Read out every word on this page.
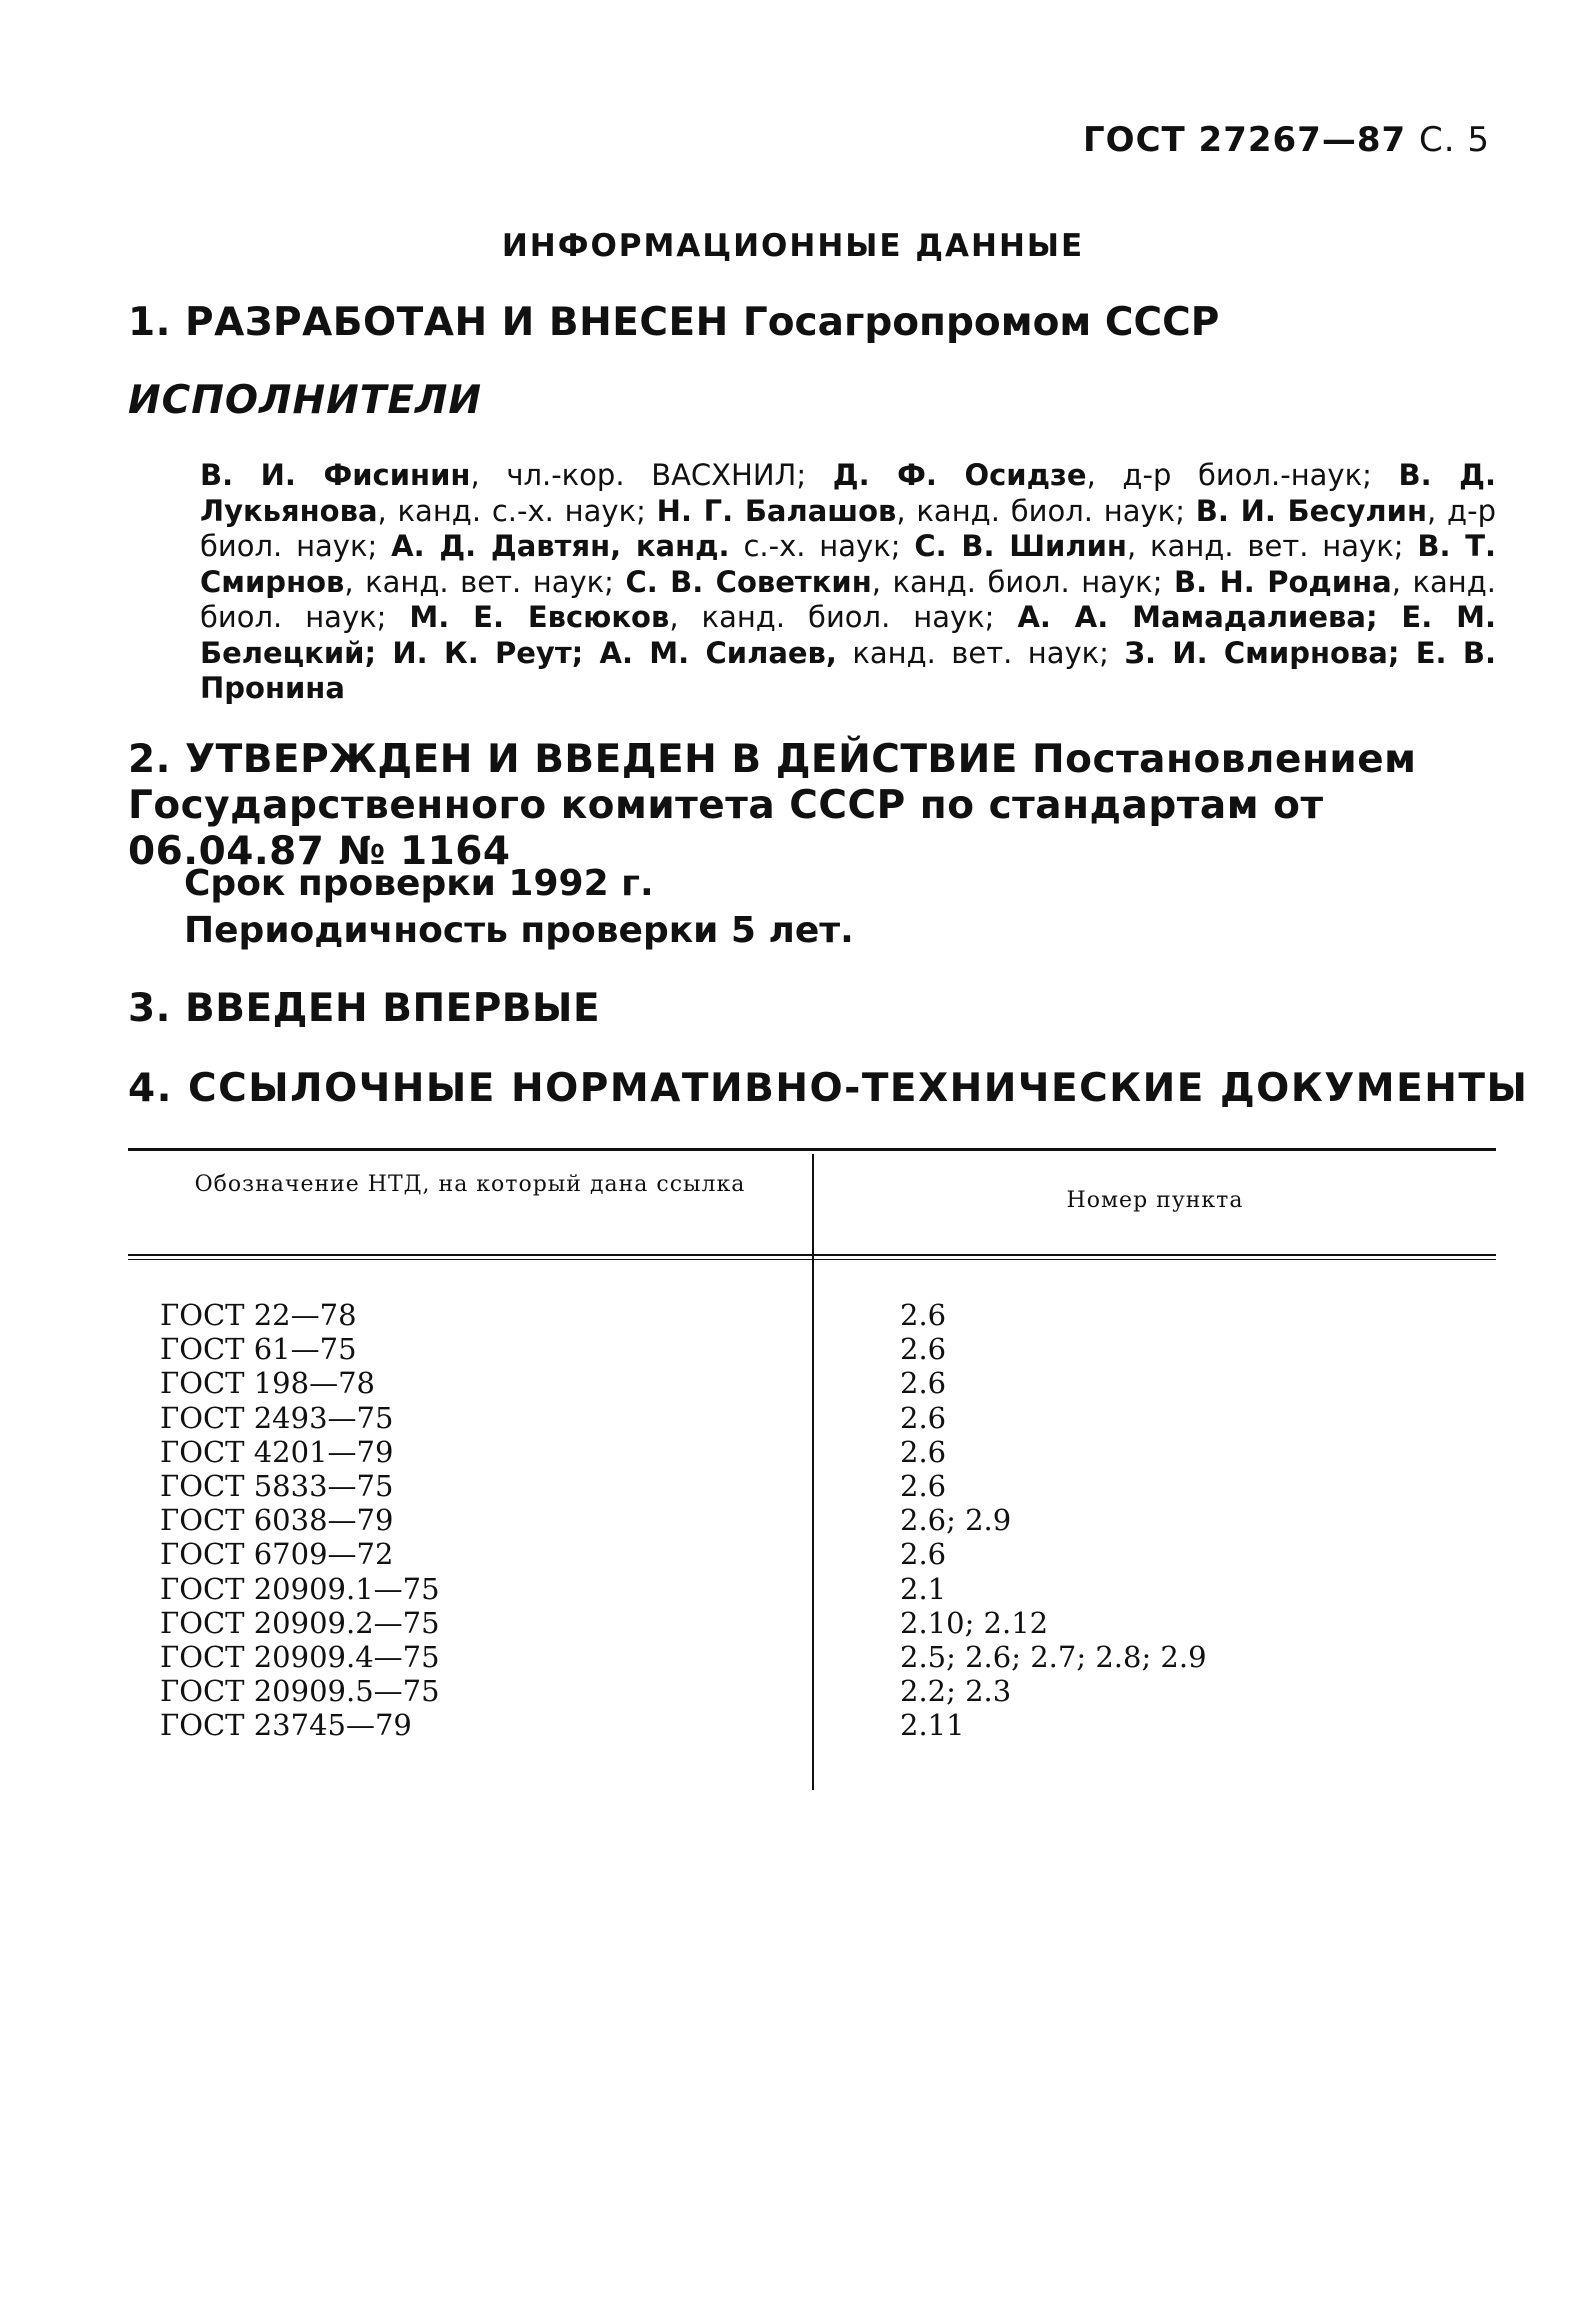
ГОСТ 27267—87 С. 5
ИНФОРМАЦИОННЫЕ ДАННЫЕ
1. РАЗРАБОТАН И ВНЕСЕН Госагропромом СССР
ИСПОЛНИТЕЛИ
В. И. Фисинин, чл.-кор. ВАСХНИЛ; Д. Ф. Осидзе, д-р биол.-наук; В. Д. Лукьянова, канд. с.-х. наук; Н. Г. Балашов, канд. биол. наук; В. И. Бесулин, д-р биол. наук; А. Д. Давтян, канд. с.-х. наук; С. В. Шилин, канд. вет. наук; В. Т. Смирнов, канд. вет. наук; С. В. Советкин, канд. биол. наук; В. Н. Родина, канд. биол. наук; М. Е. Евсюков, канд. биол. наук; А. А. Мамадалиева; Е. М. Белецкий; И. К. Реут; А. М. Силаев, канд. вет. наук; З. И. Смирнова; Е. В. Пронина
2. УТВЕРЖДЕН И ВВЕДЕН В ДЕЙСТВИЕ Постановлением Государственного комитета СССР по стандартам от 06.04.87 № 1164
Срок проверки 1992 г.
Периодичность проверки 5 лет.
3. ВВЕДЕН ВПЕРВЫЕ
4. ССЫЛОЧНЫЕ НОРМАТИВНО-ТЕХНИЧЕСКИЕ ДОКУМЕНТЫ
Обозначение НТД, на который дана ссылка
Номер пункта
ГОСТ 22—78
ГОСТ 61—75
ГОСТ 198—78
ГОСТ 2493—75
ГОСТ 4201—79
ГОСТ 5833—75
ГОСТ 6038—79
ГОСТ 6709—72
ГОСТ 20909.1—75
ГОСТ 20909.2—75
ГОСТ 20909.4—75
ГОСТ 20909.5—75
ГОСТ 23745—79
2.6
2.6
2.6
2.6
2.6
2.6
2.6; 2.9
2.6
2.1
2.10; 2.12
2.5; 2.6; 2.7; 2.8; 2.9
2.2; 2.3
2.11
